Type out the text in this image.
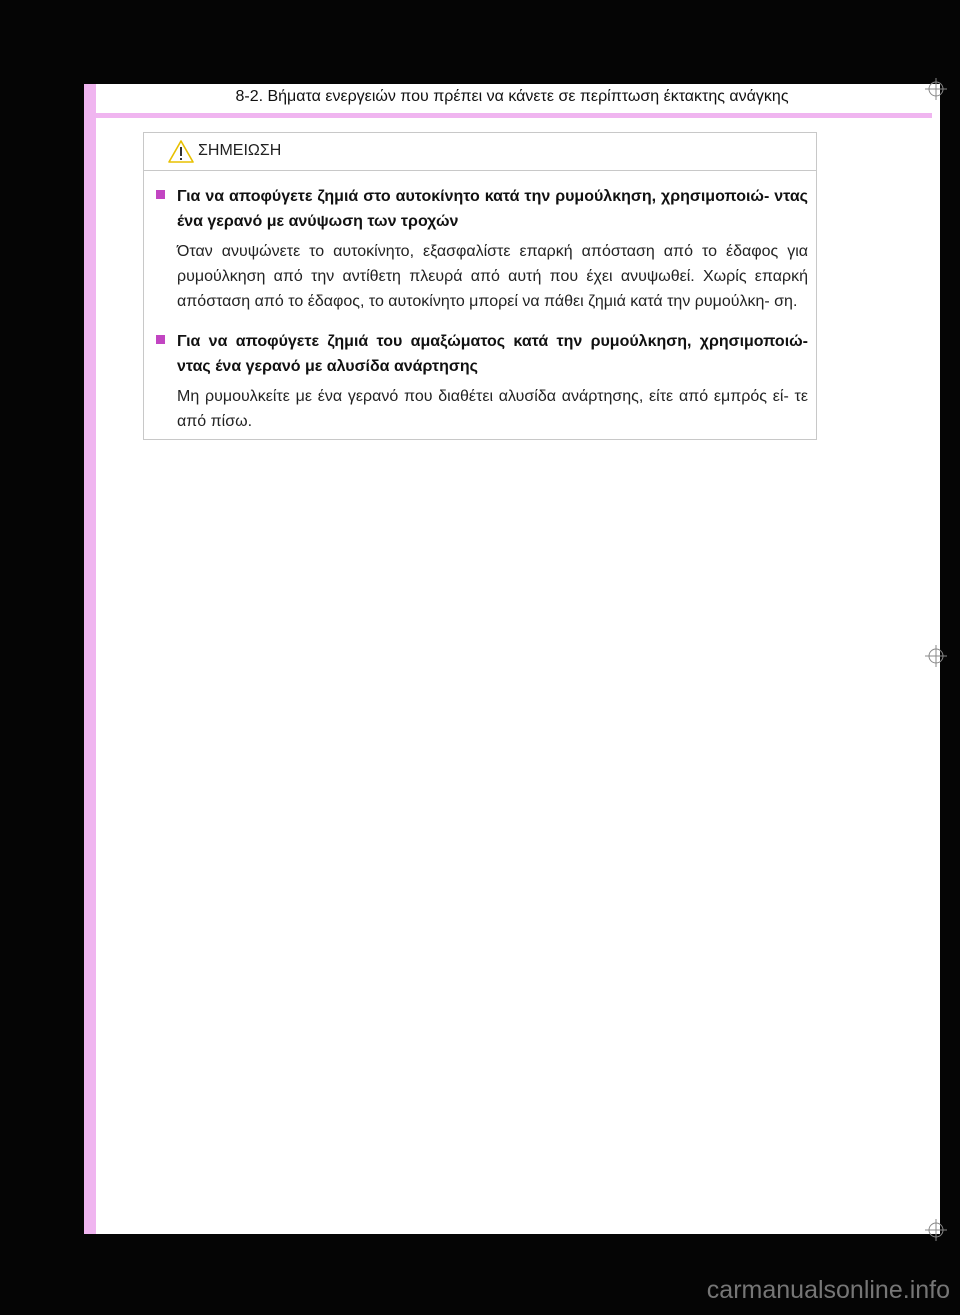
8-2. Βήματα ενεργειών που πρέπει να κάνετε σε περίπτωση έκτακτης ανάγκης
ΣΗΜΕΙΩΣΗ
Για να αποφύγετε ζημιά στο αυτοκίνητο κατά την ρυμούλκηση, χρησιμοποιώ- ντας ένα γερανό με ανύψωση των τροχών
Όταν ανυψώνετε το αυτοκίνητο, εξασφαλίστε επαρκή απόσταση από το έδαφος για ρυμούλκηση από την αντίθετη πλευρά από αυτή που έχει ανυψωθεί. Χωρίς επαρκή απόσταση από το έδαφος, το αυτοκίνητο μπορεί να πάθει ζημιά κατά την ρυμούλκη- ση.
Για να αποφύγετε ζημιά του αμαξώματος κατά την ρυμούλκηση, χρησιμοποιώ- ντας ένα γερανό με αλυσίδα ανάρτησης
Μη ρυμουλκείτε με ένα γερανό που διαθέτει αλυσίδα ανάρτησης, είτε από εμπρός εί- τε από πίσω.
carmanualsonline.info
